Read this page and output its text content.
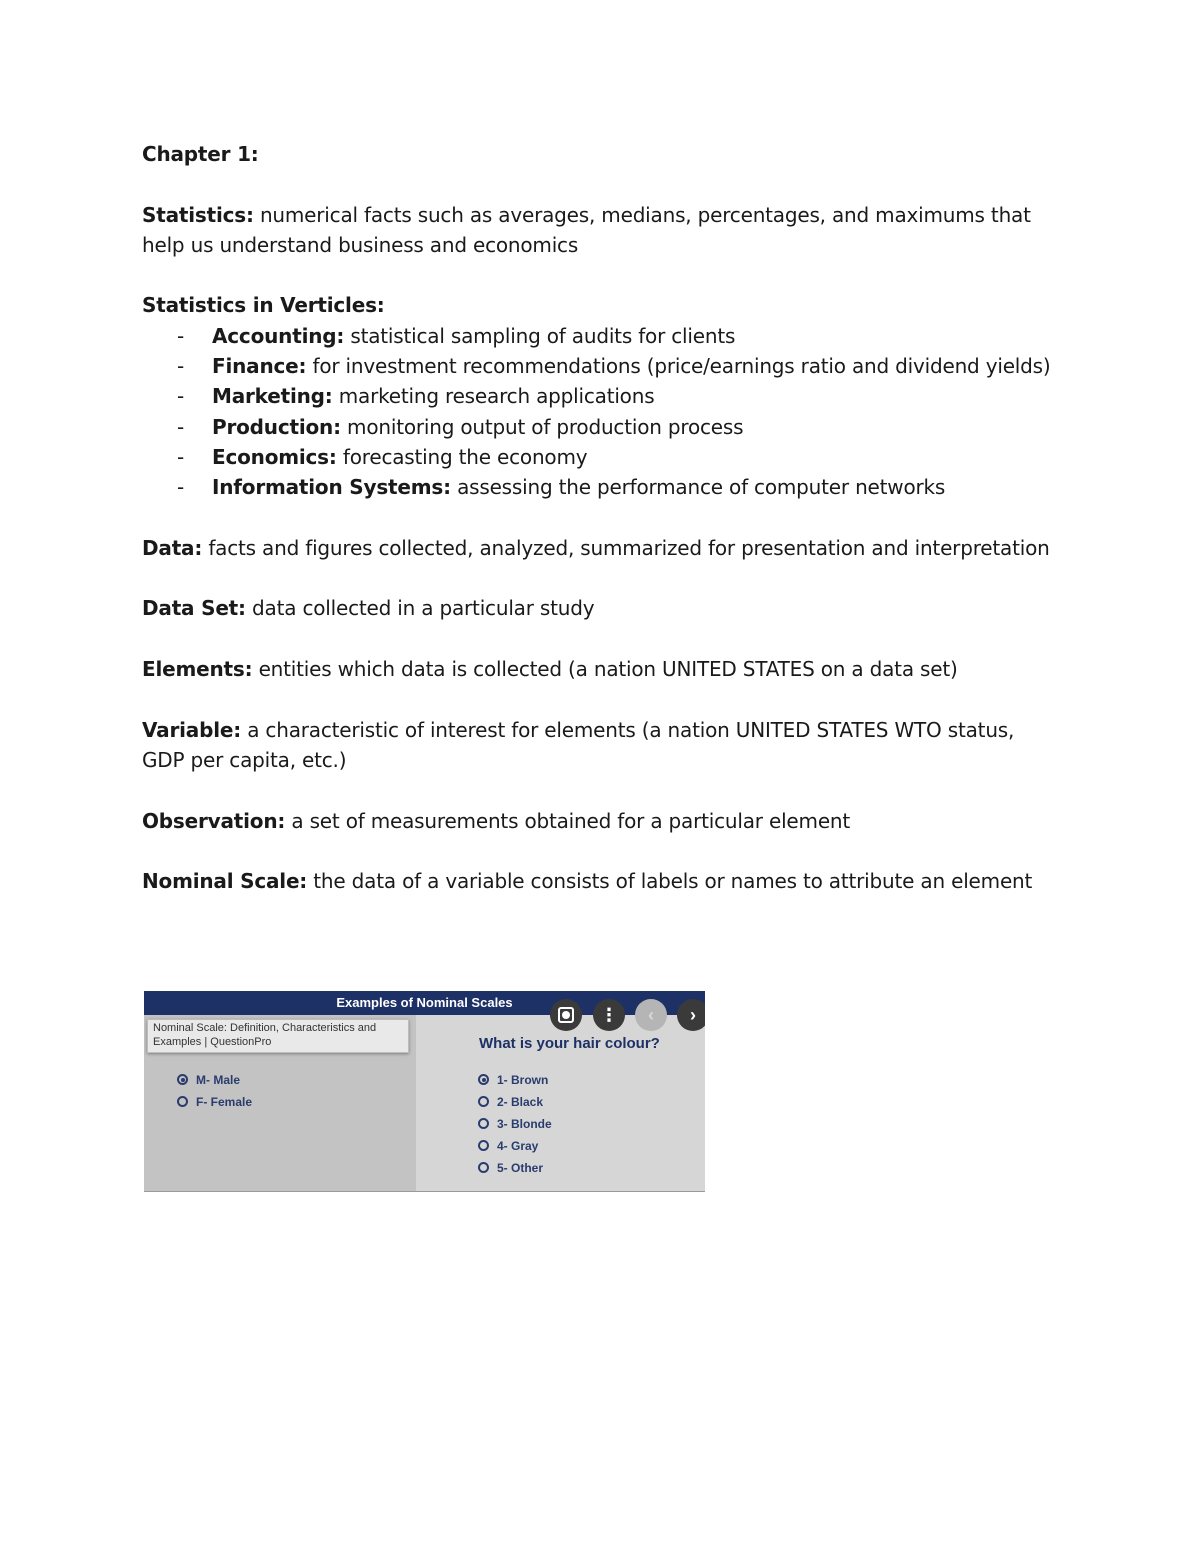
Chapter 1:

Statistics: numerical facts such as averages, medians, percentages, and maximums that help us understand business and economics

Statistics in Verticles:

- Accounting: statistical sampling of audits for clients
- Finance: for investment recommendations (price/earnings ratio and dividend yields)
- Marketing: marketing research applications
- Production: monitoring output of production process
- Economics: forecasting the economy
- Information Systems: assessing the performance of computer networks

Data: facts and figures collected, analyzed, summarized for presentation and interpretation

Data Set: data collected in a particular study

Elements: entities which data is collected (a nation UNITED STATES on a data set)

Variable: a characteristic of interest for elements (a nation UNITED STATES WTO status, GDP per capita, etc.)

Observation: a set of measurements obtained for a particular element

Nominal Scale: the data of a variable consists of labels or names to attribute an element

Examples of Nominal Scales
Nominal Scale: Definition, Characteristics and Examples | QuestionPro
M- Male
F- Female
What is your hair colour?
1- Brown
2- Black
3- Blonde
4- Gray
5- Other
⋮	‹	›
